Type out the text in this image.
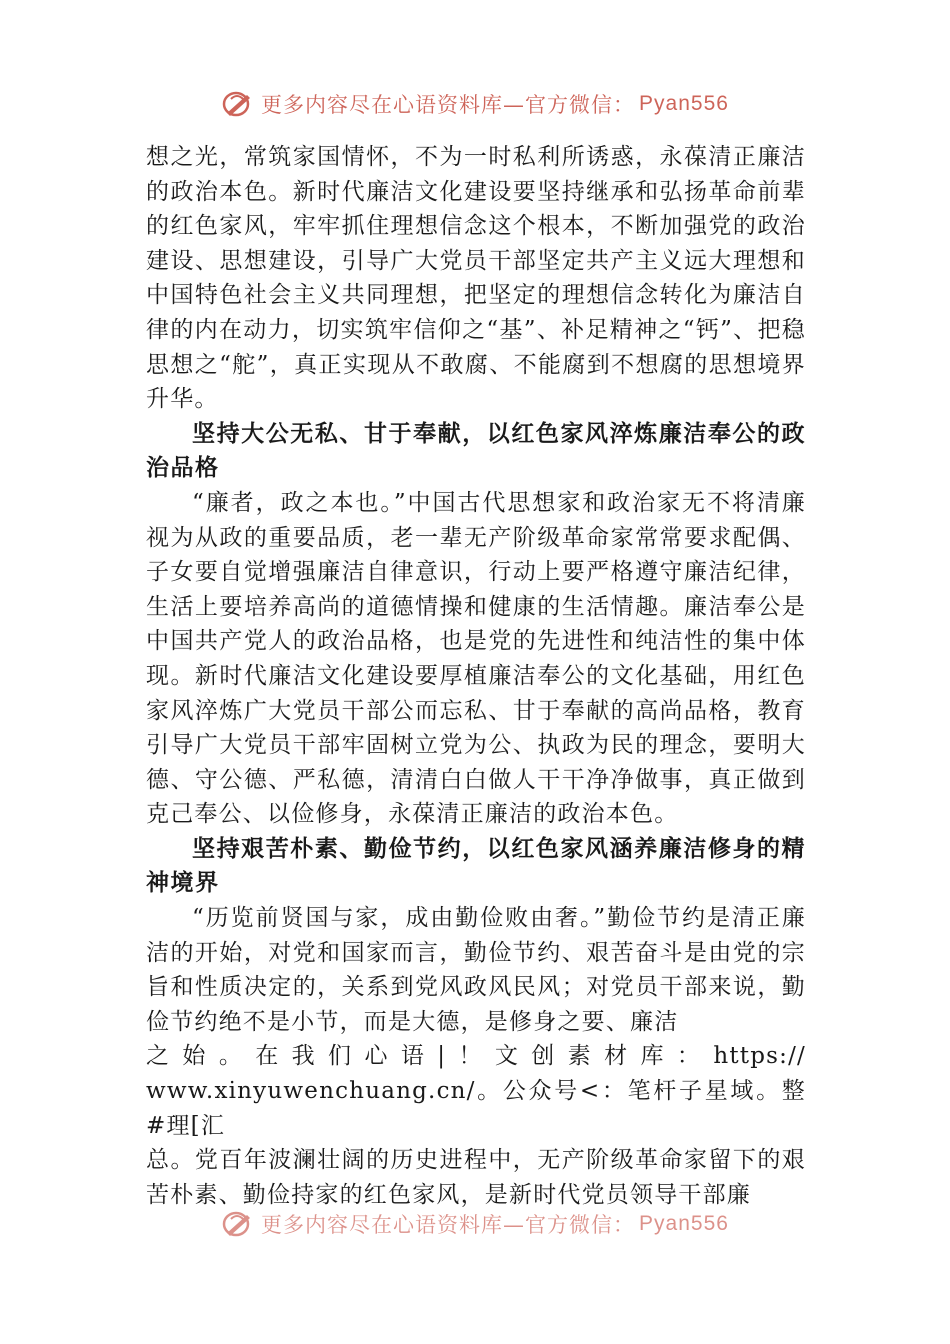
更多内容尽在心语资料库—官方微信： Pyan556

想之光，常筑家国情怀，不为一时私利所诱惑，永葆清正廉洁的政治本色。新时代廉洁文化建设要坚持继承和弘扬革命前辈的红色家风，牢牢抓住理想信念这个根本，不断加强党的政治建设、思想建设，引导广大党员干部坚定共产主义远大理想和中国特色社会主义共同理想，把坚定的理想信念转化为廉洁自律的内在动力，切实筑牢信仰之“基”、补足精神之“钙”、把稳思想之“舵”，真正实现从不敢腐、不能腐到不想腐的思想境界升华。

坚持大公无私、甘于奉献，以红色家风淬炼廉洁奉公的政治品格

“廉者，政之本也。”中国古代思想家和政治家无不将清廉视为从政的重要品质，老一辈无产阶级革命家常常要求配偶、子女要自觉增强廉洁自律意识，行动上要严格遵守廉洁纪律，生活上要培养高尚的道德情操和健康的生活情趣。廉洁奉公是中国共产党人的政治品格，也是党的先进性和纯洁性的集中体现。新时代廉洁文化建设要厚植廉洁奉公的文化基础，用红色家风淬炼广大党员干部公而忘私、甘于奉献的高尚品格，教育引导广大党员干部牢固树立党为公、执政为民的理念，要明大德、守公德、严私德，清清白白做人干干净净做事，真正做到克己奉公、以俭修身，永葆清正廉洁的政治本色。

坚持艰苦朴素、勤俭节约，以红色家风涵养廉洁修身的精神境界

“历览前贤国与家，成由勤俭败由奢。”勤俭节约是清正廉洁的开始，对党和国家而言，勤俭节约、艰苦奋斗是由党的宗旨和性质决定的，关系到党风政风民风；对党员干部来说，勤俭节约绝不是小节，而是大德，是修身之要、廉洁

之始。在我们心语|！文创素材库：https://

www.xinyuwenchuang.cn/。公众号<：笔杆子星域。整#理[汇

总。党百年波澜壮阔的历史进程中，无产阶级革命家留下的艰苦朴素、勤俭持家的红色家风，是新时代党员领导干部廉

更多内容尽在心语资料库—官方微信： Pyan556
